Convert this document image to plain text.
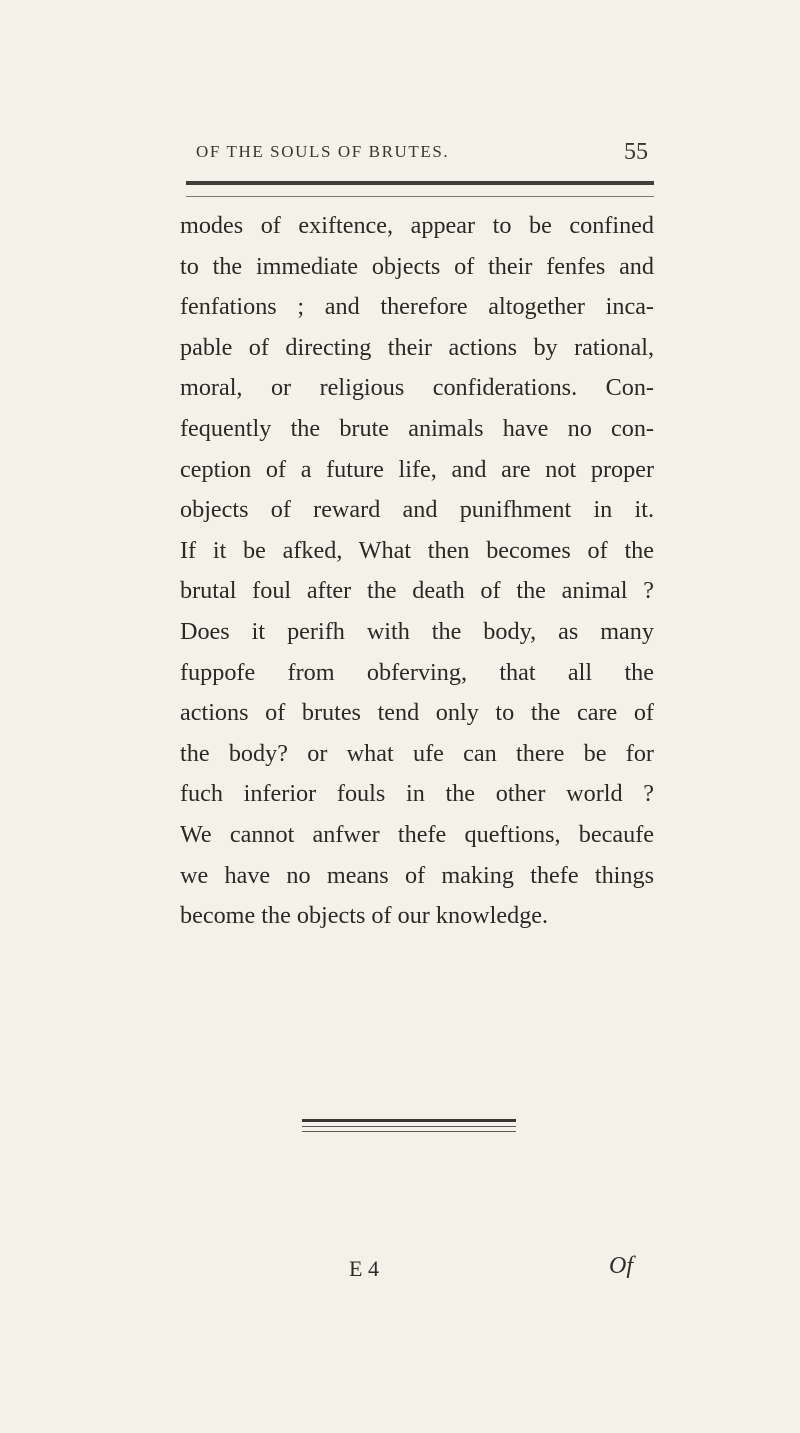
OF THE SOULS OF BRUTES.	55
modes of exiftence, appear to be confined
to the immediate objects of their fenfes and
fenfations ; and therefore altogether inca-
pable of directing their actions by rational,
moral, or religious confiderations. Con-
fequently the brute animals have no con-
ception of a future life, and are not proper
objects of reward and punifhment in it.
If it be afked, What then becomes of the
brutal foul after the death of the animal ?
Does it perifh with the body, as many
fuppofe from obferving, that all the
actions of brutes tend only to the care of
the body? or what ufe can there be for
fuch inferior fouls in the other world ?
We cannot anfwer thefe queftions, becaufe
we have no means of making thefe things
become the objects of our knowledge.
E 4	Of
